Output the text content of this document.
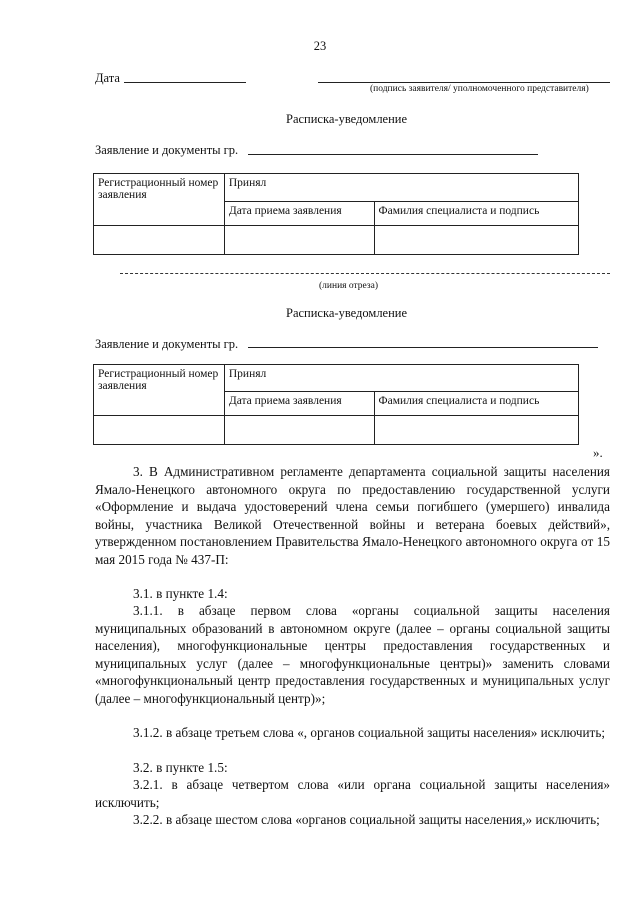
23
Дата
(подпись заявителя/ уполномоченного представителя)
Расписка-уведомление
Заявление и документы гр.
Регистрационный номер заявления	Принял	
	Дата приема заявления	Фамилия специалиста и подпись

(линия отреза)
Расписка-уведомление
Заявление и документы гр.
Регистрационный номер заявления	Принял	
	Дата приема заявления	Фамилия специалиста и подпись

».

3. В Административном регламенте департамента социальной защиты населения Ямало-Ненецкого автономного округа по предоставлению государственной услуги «Оформление и выдача удостоверений члена семьи погибшего (умершего) инвалида войны, участника Великой Отечественной войны и ветерана боевых действий», утвержденном постановлением Правительства Ямало-Ненецкого автономного округа от 15 мая 2015 года № 437-П:

3.1. в пункте 1.4:

3.1.1. в абзаце первом слова «органы социальной защиты населения муниципальных образований в автономном округе (далее – органы социальной защиты населения), многофункциональные центры предоставления государственных и муниципальных услуг (далее – многофункциональные центры)» заменить словами «многофункциональный центр предоставления государственных и муниципальных услуг (далее – многофункциональный центр)»;

3.1.2. в абзаце третьем слова «, органов социальной защиты населения» исключить;

3.2. в пункте 1.5:

3.2.1. в абзаце четвертом слова «или органа социальной защиты населения» исключить;

3.2.2. в абзаце шестом слова «органов социальной защиты населения,» исключить;
